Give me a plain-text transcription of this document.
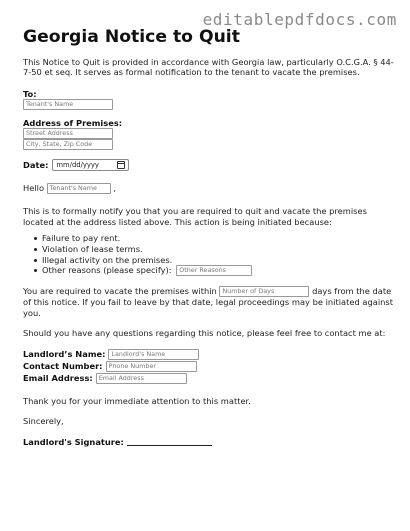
editablepdfdocs.com
Georgia Notice to Quit

This Notice to Quit is provided in accordance with Georgia law, particularly O.C.G.A. § 44-7-50 et seq. It serves as formal notification to the tenant to vacate the premises.

To:
Tenant's Name
Address of Premises:
Street Address
City, State, Zip Code
Date: mm/dd/yyyy

Hello Tenant's Name ,

This is to formally notify you that you are required to quit and vacate the premises located at the address listed above. This action is being initiated because:

Failure to pay rent.
Violation of lease terms.
Illegal activity on the premises.
Other reasons (please specify): Other Reasons

You are required to vacate the premises within Number of Days	days from the date of this notice. If you fail to leave by that date, legal proceedings may be initiated against you.

Should you have any questions regarding this notice, please feel free to contact me at:

Landlord’s Name: Landlord's Name
Contact Number: Phone Number
Email Address: Email Address

Thank you for your immediate attention to this matter.

Sincerely,

Landlord's Signature:
